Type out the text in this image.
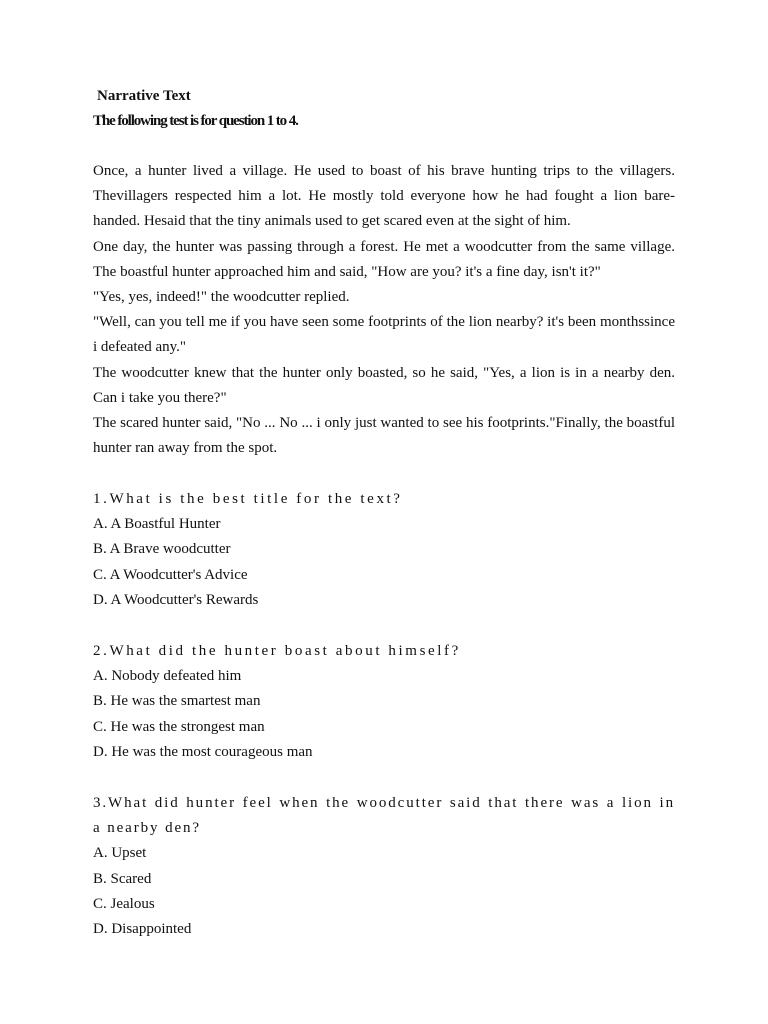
Narrative Text
The following test is for question 1 to 4.

Once, a hunter lived a village. He used to boast of his brave hunting trips to the villagers. Thevillagers respected him a lot. He mostly told everyone how he had fought a lion bare-handed. Hesaid that the tiny animals used to get scared even at the sight of him.

One day, the hunter was passing through a forest. He met a woodcutter from the same village. The boastful hunter approached him and said, "How are you? it's a fine day, isn't it?"

"Yes, yes, indeed!" the woodcutter replied.

"Well, can you tell me if you have seen some footprints of the lion nearby? it's been monthssince i defeated any."

The woodcutter knew that the hunter only boasted, so he said, "Yes, a lion is in a nearby den. Can i take you there?"

The scared hunter said, "No ... No ... i only just wanted to see his footprints."Finally, the boastful hunter ran away from the spot.

1.What is the best title for the text?
A. A Boastful Hunter
B. A Brave woodcutter
C. A Woodcutter's Advice
D. A Woodcutter's Rewards
2.What did the hunter boast about himself?
A. Nobody defeated him
B. He was the smartest man
C. He was the strongest man
D. He was the most courageous man
3.What did hunter feel when the woodcutter said that there was a lion in a nearby den?
A. Upset
B. Scared
C. Jealous
D. Disappointed
